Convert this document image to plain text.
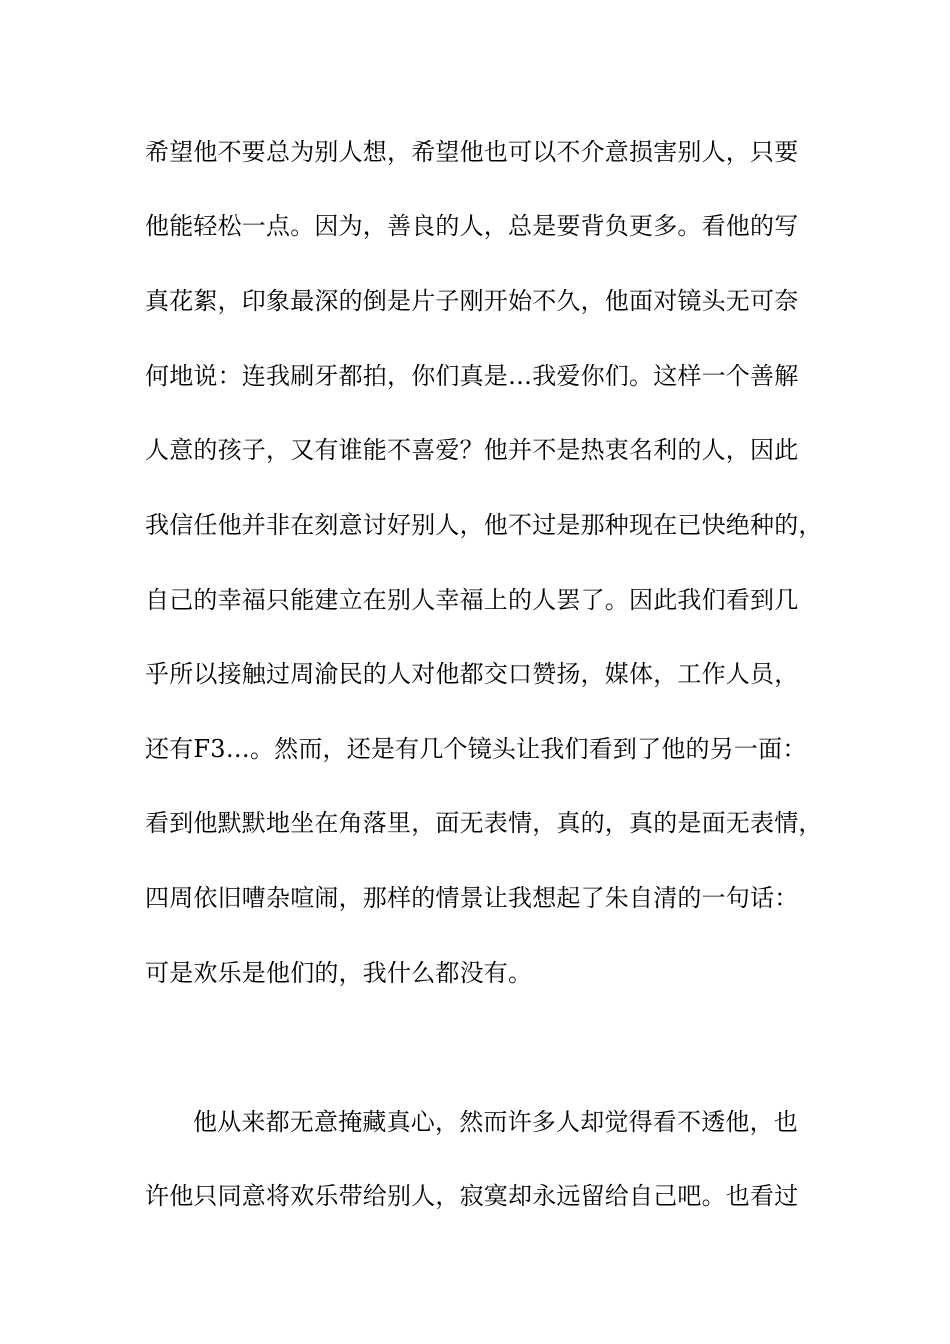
希望他不要总为别人想，希望他也可以不介意损害别人，只要
他能轻松一点。因为，善良的人，总是要背负更多。看他的写
真花絮，印象最深的倒是片子刚开始不久，他面对镜头无可奈
何地说：连我刷牙都拍，你们真是…我爱你们。这样一个善解
人意的孩子，又有谁能不喜爱？他并不是热衷名利的人，因此
我信任他并非在刻意讨好别人，他不过是那种现在已快绝种的，
自己的幸福只能建立在别人幸福上的人罢了。因此我们看到几
乎所以接触过周渝民的人对他都交口赞扬，媒体，工作人员，
还有F3…。然而，还是有几个镜头让我们看到了他的另一面：
看到他默默地坐在角落里，面无表情，真的，真的是面无表情，
四周依旧嘈杂喧闹，那样的情景让我想起了朱自清的一句话：
可是欢乐是他们的，我什么都没有。
他从来都无意掩藏真心，然而许多人却觉得看不透他，也
许他只同意将欢乐带给别人，寂寞却永远留给自己吧。也看过
